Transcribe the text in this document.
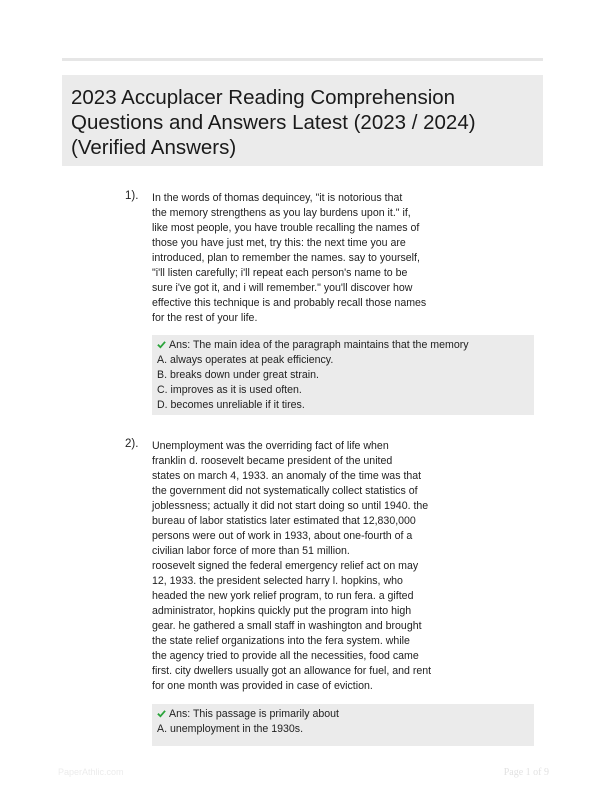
2023 Accuplacer Reading Comprehension
Questions and Answers Latest (2023 / 2024)
(Verified Answers)
1). In the words of thomas dequincey, "it is notorious that
the memory strengthens as you lay burdens upon it." if,
like most people, you have trouble recalling the names of
those you have just met, try this: the next time you are
introduced, plan to remember the names. say to yourself,
"i'll listen carefully; i'll repeat each person's name to be
sure i've got it, and i will remember." you'll discover how
effective this technique is and probably recall those names
for the rest of your life.
Ans: The main idea of the paragraph maintains that the memory
A. always operates at peak efficiency.
B. breaks down under great strain.
C. improves as it is used often.
D. becomes unreliable if it tires.
2). Unemployment was the overriding fact of life when
franklin d. roosevelt became president of the united
states on march 4, 1933. an anomaly of the time was that
the government did not systematically collect statistics of
joblessness; actually it did not start doing so until 1940. the
bureau of labor statistics later estimated that 12,830,000
persons were out of work in 1933, about one-fourth of a
civilian labor force of more than 51 million.
roosevelt signed the federal emergency relief act on may
12, 1933. the president selected harry l. hopkins, who
headed the new york relief program, to run fera. a gifted
administrator, hopkins quickly put the program into high
gear. he gathered a small staff in washington and brought
the state relief organizations into the fera system. while
the agency tried to provide all the necessities, food came
first. city dwellers usually got an allowance for fuel, and rent
for one month was provided in case of eviction.
Ans: This passage is primarily about
A. unemployment in the 1930s.
PaperAthlic.com	Page 1 of 9
